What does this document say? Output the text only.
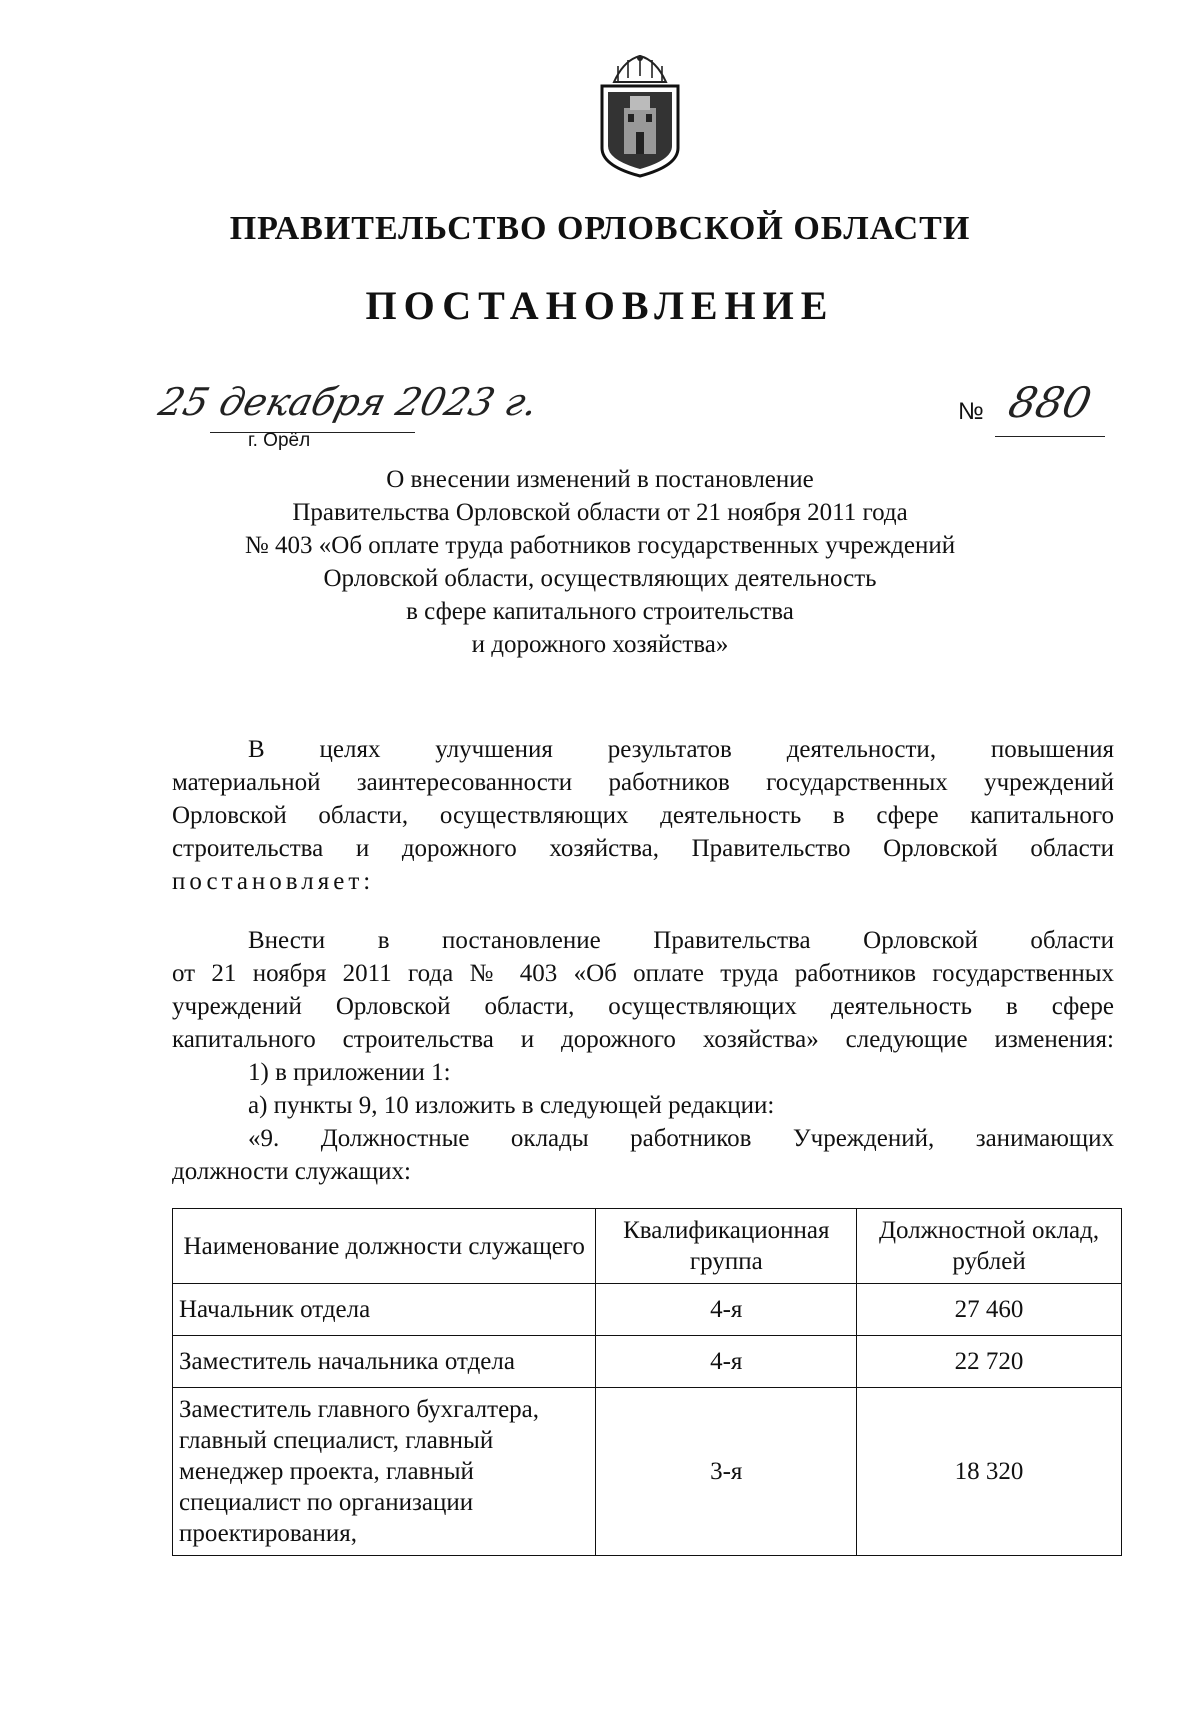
ПРАВИТЕЛЬСТВО ОРЛОВСКОЙ ОБЛАСТИ
ПОСТАНОВЛЕНИЕ
25 декабря 2023 г.
г. Орёл
№ 880
О внесении изменений в постановление
Правительства Орловской области от 21 ноября 2011 года
№ 403 «Об оплате труда работников государственных учреждений
Орловской области, осуществляющих деятельность
в сфере капитального строительства
и дорожного хозяйства»
В целях улучшения результатов деятельности, повышения
материальной заинтересованности работников государственных учреждений
Орловской области, осуществляющих деятельность в сфере капитального
строительства и дорожного хозяйства, Правительство Орловской области
постановляет:
Внести в постановление Правительства Орловской области
от 21 ноября 2011 года № 403 «Об оплате труда работников государственных
учреждений Орловской области, осуществляющих деятельность в сфере
капитального строительства и дорожного хозяйства» следующие изменения:
1) в приложении 1:
а) пункты 9, 10 изложить в следующей редакции:
«9. Должностные оклады работников Учреждений, занимающих
должности служащих:
Наименование должности служащего	Квалификационная группа	Должностной оклад, рублей
Начальник отдела	4-я	27 460
Заместитель начальника отдела	4-я	22 720
Заместитель главного бухгалтера, главный специалист, главный менеджер проекта, главный специалист по организации проектирования,	3-я	18 320
